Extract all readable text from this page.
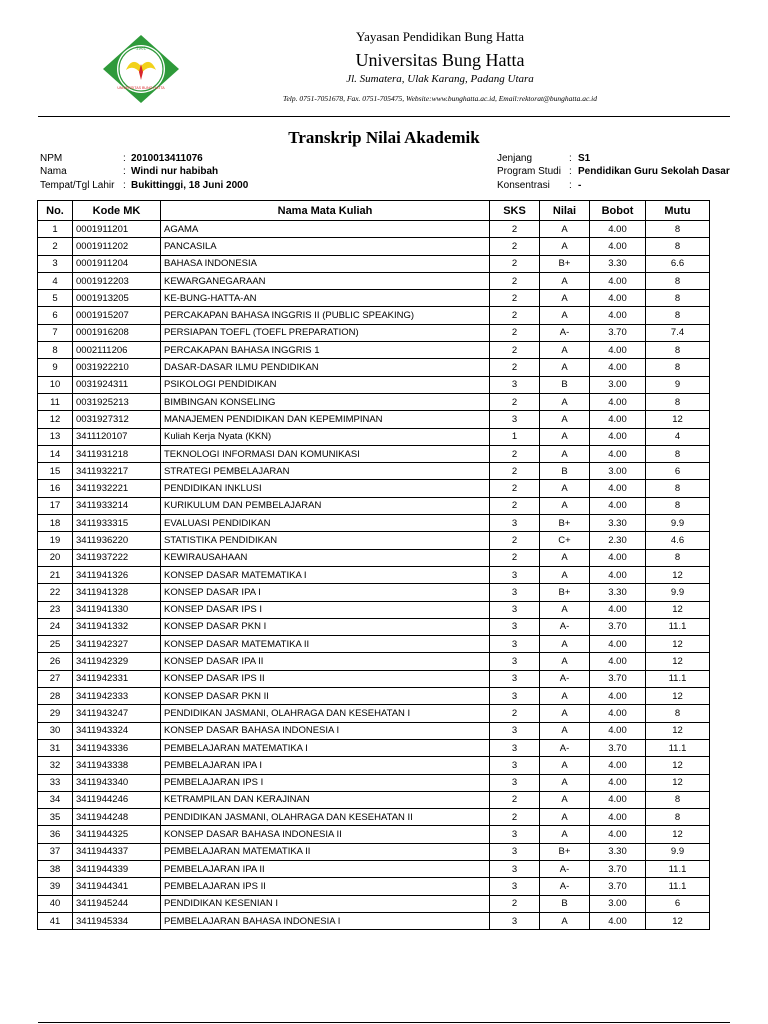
1981
UNIVERSITAS BUNG HATTA
Yayasan Pendidikan Bung Hatta
Universitas Bung Hatta
Jl. Sumatera, Ulak Karang, Padang Utara
Telp. 0751-7051678, Fax. 0751-705475, Website:www.bunghatta.ac.id, Email:rektorat@bunghatta.ac.id
Transkrip Nilai Akademik
NPM	: 2010013411076
Nama	: Windi nur habibah
Tempat/Tgl Lahir : Bukittinggi, 18 Juni 2000
Jenjang	: S1
Program Studi : Pendidikan Guru Sekolah Dasar
Konsentrasi : -
No.	Kode MK	Nama Mata Kuliah	SKS	Nilai	Bobot	Mutu
1	0001911201	AGAMA	2	A	4.00	8
2	0001911202	PANCASILA	2	A	4.00	8
3	0001911204	BAHASA INDONESIA	2	B+	3.30	6.6
4	0001912203	KEWARGANEGARAAN	2	A	4.00	8
5	0001913205	KE-BUNG-HATTA-AN	2	A	4.00	8
6	0001915207	PERCAKAPAN BAHASA INGGRIS II (PUBLIC SPEAKING)	2	A	4.00	8
7	0001916208	PERSIAPAN TOEFL (TOEFL PREPARATION)	2	A-	3.70	7.4
8	0002111206	PERCAKAPAN BAHASA INGGRIS 1	2	A	4.00	8
9	0031922210	DASAR-DASAR ILMU PENDIDIKAN	2	A	4.00	8
10	0031924311	PSIKOLOGI PENDIDIKAN	3	B	3.00	9
11	0031925213	BIMBINGAN KONSELING	2	A	4.00	8
12	0031927312	MANAJEMEN PENDIDIKAN DAN KEPEMIMPINAN	3	A	4.00	12
13	3411120107	Kuliah Kerja Nyata (KKN)	1	A	4.00	4
14	3411931218	TEKNOLOGI INFORMASI DAN KOMUNIKASI	2	A	4.00	8
15	3411932217	STRATEGI PEMBELAJARAN	2	B	3.00	6
16	3411932221	PENDIDIKAN INKLUSI	2	A	4.00	8
17	3411933214	KURIKULUM DAN PEMBELAJARAN	2	A	4.00	8
18	3411933315	EVALUASI PENDIDIKAN	3	B+	3.30	9.9
19	3411936220	STATISTIKA PENDIDIKAN	2	C+	2.30	4.6
20	3411937222	KEWIRAUSAHAAN	2	A	4.00	8
21	3411941326	KONSEP DASAR MATEMATIKA I	3	A	4.00	12
22	3411941328	KONSEP DASAR IPA I	3	B+	3.30	9.9
23	3411941330	KONSEP DASAR IPS I	3	A	4.00	12
24	3411941332	KONSEP DASAR PKN I	3	A-	3.70	11.1
25	3411942327	KONSEP DASAR MATEMATIKA II	3	A	4.00	12
26	3411942329	KONSEP DASAR IPA II	3	A	4.00	12
27	3411942331	KONSEP DASAR IPS II	3	A-	3.70	11.1
28	3411942333	KONSEP DASAR PKN II	3	A	4.00	12
29	3411943247	PENDIDIKAN JASMANI, OLAHRAGA DAN KESEHATAN I	2	A	4.00	8
30	3411943324	KONSEP DASAR BAHASA INDONESIA I	3	A	4.00	12
31	3411943336	PEMBELAJARAN MATEMATIKA I	3	A-	3.70	11.1
32	3411943338	PEMBELAJARAN IPA I	3	A	4.00	12
33	3411943340	PEMBELAJARAN IPS I	3	A	4.00	12
34	3411944246	KETRAMPILAN DAN KERAJINAN	2	A	4.00	8
35	3411944248	PENDIDIKAN JASMANI, OLAHRAGA DAN KESEHATAN II	2	A	4.00	8
36	3411944325	KONSEP DASAR BAHASA INDONESIA II	3	A	4.00	12
37	3411944337	PEMBELAJARAN MATEMATIKA II	3	B+	3.30	9.9
38	3411944339	PEMBELAJARAN IPA II	3	A-	3.70	11.1
39	3411944341	PEMBELAJARAN IPS II	3	A-	3.70	11.1
40	3411945244	PENDIDIKAN KESENIAN I	2	B	3.00	6
41	3411945334	PEMBELAJARAN BAHASA INDONESIA I	3	A	4.00	12
